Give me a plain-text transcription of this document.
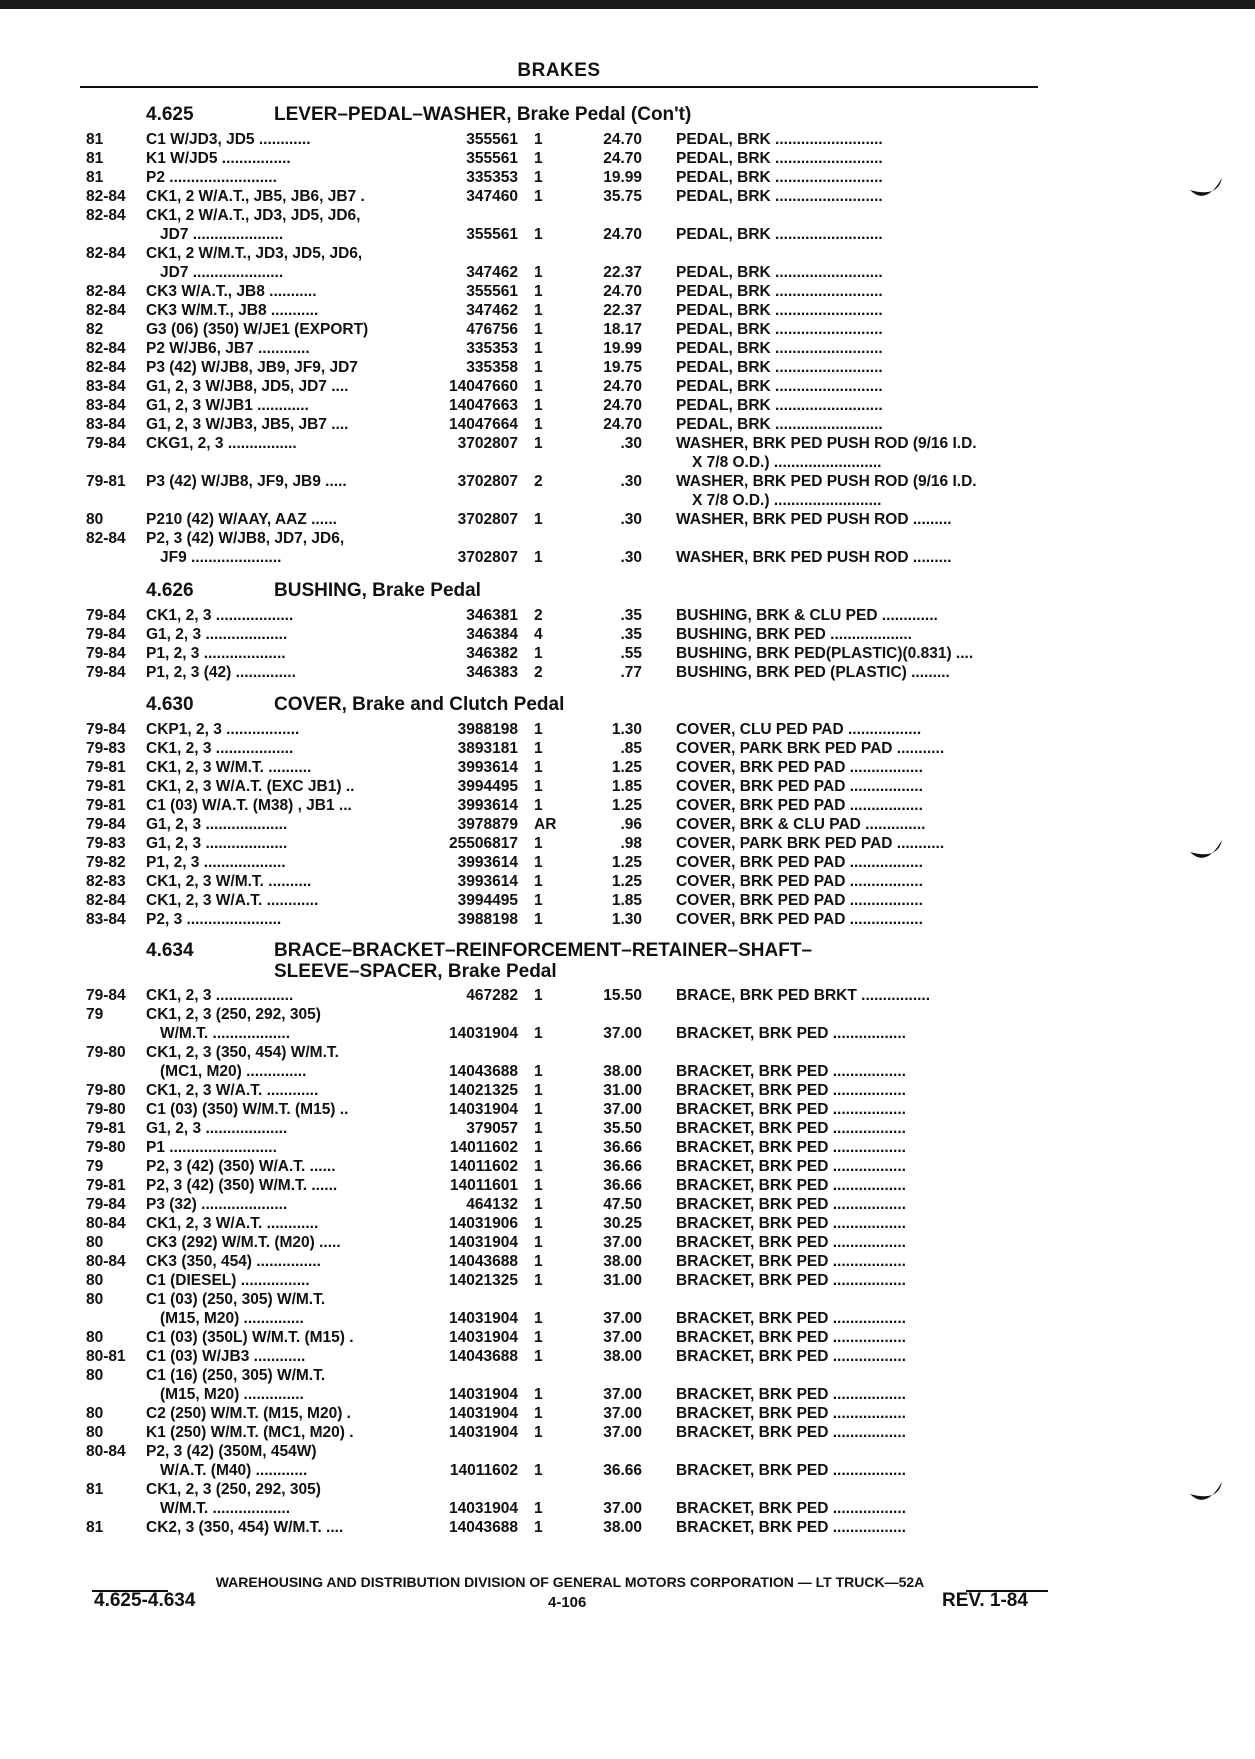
BRAKES
4.625	LEVER–PEDAL–WASHER, Brake Pedal (Con't)
81	C1 W/JD3, JD5 ............	355561 1	24.70 PEDAL, BRK .........................
81	K1 W/JD5 ................	355561 1	24.70 PEDAL, BRK .........................
81	P2 .........................	335353 1	19.99 PEDAL, BRK .........................
82-84	CK1, 2 W/A.T., JB5, JB6, JB7 .	347460 1	35.75 PEDAL, BRK .........................
82-84	CK1, 2 W/A.T., JD3, JD5, JD6,
JD7 .....................	355561 1	24.70 PEDAL, BRK .........................
82-84	CK1, 2 W/M.T., JD3, JD5, JD6,
JD7 .....................	347462 1	22.37 PEDAL, BRK .........................
82-84	CK3 W/A.T., JB8 ...........	355561 1	24.70 PEDAL, BRK .........................
82-84	CK3 W/M.T., JB8 ...........	347462 1	22.37 PEDAL, BRK .........................
82	G3 (06) (350) W/JE1 (EXPORT)	476756 1	18.17 PEDAL, BRK .........................
82-84	P2 W/JB6, JB7 ............	335353 1	19.99 PEDAL, BRK .........................
82-84	P3 (42) W/JB8, JB9, JF9, JD7	335358 1	19.75 PEDAL, BRK .........................
83-84	G1, 2, 3 W/JB8, JD5, JD7 ....	14047660 1	24.70 PEDAL, BRK .........................
83-84	G1, 2, 3 W/JB1 ............	14047663 1	24.70 PEDAL, BRK .........................
83-84	G1, 2, 3 W/JB3, JB5, JB7 ....	14047664 1	24.70 PEDAL, BRK .........................
79-84	CKG1, 2, 3 ................	3702807 1	.30 WASHER, BRK PED PUSH ROD (9/16 I.D.
X 7/8 O.D.) .........................
79-81	P3 (42) W/JB8, JF9, JB9 .....	3702807 2	.30 WASHER, BRK PED PUSH ROD (9/16 I.D.
X 7/8 O.D.) .........................
80	P210 (42) W/AAY, AAZ ......	3702807 1	.30 WASHER, BRK PED PUSH ROD .........
82-84	P2, 3 (42) W/JB8, JD7, JD6,
JF9 .....................	3702807 1	.30 WASHER, BRK PED PUSH ROD .........
4.626	BUSHING, Brake Pedal
79-84	CK1, 2, 3 ..................	346381 2	.35 BUSHING, BRK & CLU PED .............
79-84	G1, 2, 3 ...................	346384 4	.35 BUSHING, BRK PED ...................
79-84	P1, 2, 3 ...................	346382 1	.55 BUSHING, BRK PED(PLASTIC)(0.831) ....
79-84	P1, 2, 3 (42) ..............	346383 2	.77 BUSHING, BRK PED (PLASTIC) .........
4.630	COVER, Brake and Clutch Pedal
79-84	CKP1, 2, 3 .................	3988198 1	1.30 COVER, CLU PED PAD .................
79-83	CK1, 2, 3 ..................	3893181 1	.85 COVER, PARK BRK PED PAD ...........
79-81	CK1, 2, 3 W/M.T. ..........	3993614 1	1.25 COVER, BRK PED PAD .................
79-81	CK1, 2, 3 W/A.T. (EXC JB1) ..	3994495 1	1.85 COVER, BRK PED PAD .................
79-81	C1 (03) W/A.T. (M38) , JB1 ...	3993614 1	1.25 COVER, BRK PED PAD .................
79-84	G1, 2, 3 ...................	3978879 AR	.96 COVER, BRK & CLU PAD ..............
79-83	G1, 2, 3 ...................	25506817 1	.98 COVER, PARK BRK PED PAD ...........
79-82	P1, 2, 3 ...................	3993614 1	1.25 COVER, BRK PED PAD .................
82-83	CK1, 2, 3 W/M.T. ..........	3993614 1	1.25 COVER, BRK PED PAD .................
82-84	CK1, 2, 3 W/A.T. ............	3994495 1	1.85 COVER, BRK PED PAD .................
83-84	P2, 3 ......................	3988198 1	1.30 COVER, BRK PED PAD .................
4.634	BRACE–BRACKET–REINFORCEMENT–RETAINER–SHAFT–
SLEEVE–SPACER, Brake Pedal
79-84	CK1, 2, 3 ..................	467282 1	15.50 BRACE, BRK PED BRKT ................
79	CK1, 2, 3 (250, 292, 305)
W/M.T. ..................	14031904 1	37.00 BRACKET, BRK PED .................
79-80	CK1, 2, 3 (350, 454) W/M.T.
(MC1, M20) ..............	14043688 1	38.00 BRACKET, BRK PED .................
79-80	CK1, 2, 3 W/A.T. ............	14021325 1	31.00 BRACKET, BRK PED .................
79-80	C1 (03) (350) W/M.T. (M15) ..	14031904 1	37.00 BRACKET, BRK PED .................
79-81	G1, 2, 3 ...................	379057 1	35.50 BRACKET, BRK PED .................
79-80	P1 .........................	14011602 1	36.66 BRACKET, BRK PED .................
79	P2, 3 (42) (350) W/A.T. ......	14011602 1	36.66 BRACKET, BRK PED .................
79-81	P2, 3 (42) (350) W/M.T. ......	14011601 1	36.66 BRACKET, BRK PED .................
79-84	P3 (32) ....................	464132 1	47.50 BRACKET, BRK PED .................
80-84	CK1, 2, 3 W/A.T. ............	14031906 1	30.25 BRACKET, BRK PED .................
80	CK3 (292) W/M.T. (M20) .....	14031904 1	37.00 BRACKET, BRK PED .................
80-84	CK3 (350, 454) ...............	14043688 1	38.00 BRACKET, BRK PED .................
80	C1 (DIESEL) ................	14021325 1	31.00 BRACKET, BRK PED .................
80	C1 (03) (250, 305) W/M.T.
(M15, M20) ..............	14031904 1	37.00 BRACKET, BRK PED .................
80	C1 (03) (350L) W/M.T. (M15) .	14031904 1	37.00 BRACKET, BRK PED .................
80-81	C1 (03) W/JB3 ............	14043688 1	38.00 BRACKET, BRK PED .................
80	C1 (16) (250, 305) W/M.T.
(M15, M20) ..............	14031904 1	37.00 BRACKET, BRK PED .................
80	C2 (250) W/M.T. (M15, M20) .	14031904 1	37.00 BRACKET, BRK PED .................
80	K1 (250) W/M.T. (MC1, M20) .	14031904 1	37.00 BRACKET, BRK PED .................
80-84	P2, 3 (42) (350M, 454W)
W/A.T. (M40) ............	14011602 1	36.66 BRACKET, BRK PED .................
81	CK1, 2, 3 (250, 292, 305)
W/M.T. ..................	14031904 1	37.00 BRACKET, BRK PED .................
81	CK2, 3 (350, 454) W/M.T. ....	14043688 1	38.00 BRACKET, BRK PED .................
WAREHOUSING AND DISTRIBUTION DIVISION OF GENERAL MOTORS CORPORATION — LT TRUCK—52A
4.625-4.634	4-106	REV. 1-84
